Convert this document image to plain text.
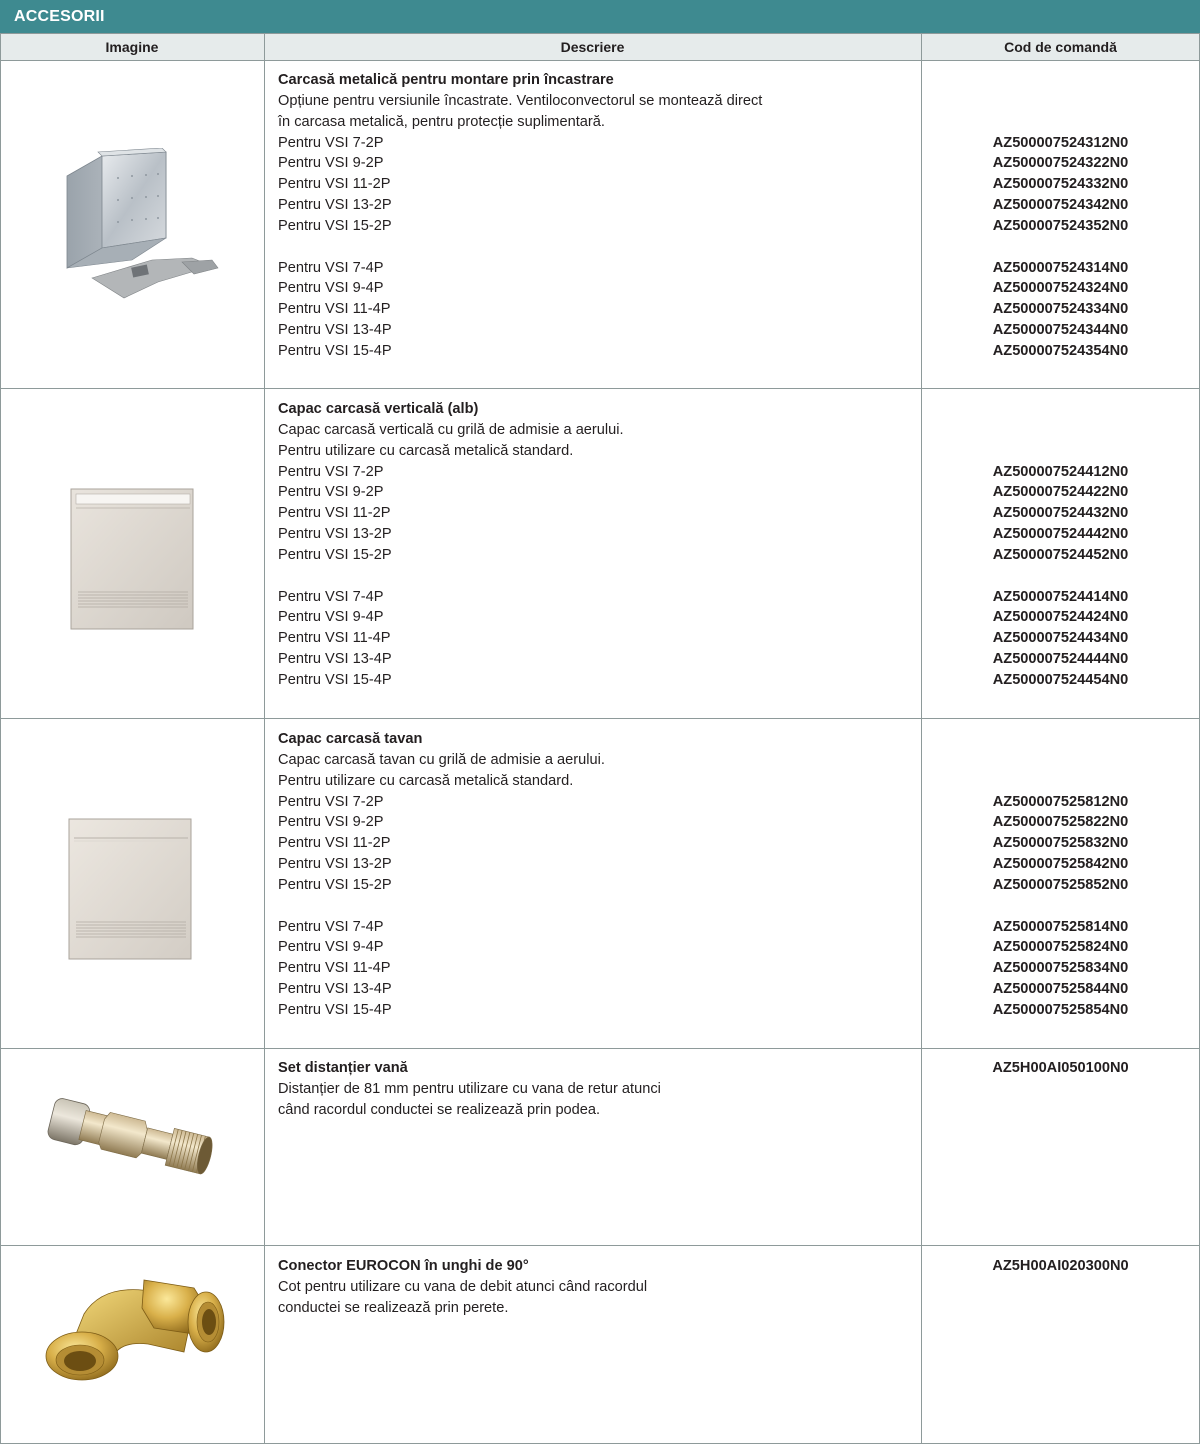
ACCESORII
Imagine	Descriere	Cod de comandă
Carcasă metalică pentru montare prin încastrare
Opțiune pentru versiunile încastrate. Ventiloconvectorul se montează direct
în carcasa metalică, pentru protecție suplimentară.
Pentru VSI 7-2P
Pentru VSI 9-2P
Pentru VSI 11-2P
Pentru VSI 13-2P
Pentru VSI 15-2P
Pentru VSI 7-4P
Pentru VSI 9-4P
Pentru VSI 11-4P
Pentru VSI 13-4P
Pentru VSI 15-4P
AZ500007524312N0
AZ500007524322N0
AZ500007524332N0
AZ500007524342N0
AZ500007524352N0
AZ500007524314N0
AZ500007524324N0
AZ500007524334N0
AZ500007524344N0
AZ500007524354N0
Capac carcasă verticală (alb)
Capac carcasă verticală cu grilă de admisie a aerului.
Pentru utilizare cu carcasă metalică standard.
Pentru VSI 7-2P
Pentru VSI 9-2P
Pentru VSI 11-2P
Pentru VSI 13-2P
Pentru VSI 15-2P
Pentru VSI 7-4P
Pentru VSI 9-4P
Pentru VSI 11-4P
Pentru VSI 13-4P
Pentru VSI 15-4P
AZ500007524412N0
AZ500007524422N0
AZ500007524432N0
AZ500007524442N0
AZ500007524452N0
AZ500007524414N0
AZ500007524424N0
AZ500007524434N0
AZ500007524444N0
AZ500007524454N0
Capac carcasă tavan
Capac carcasă tavan cu grilă de admisie a aerului.
Pentru utilizare cu carcasă metalică standard.
Pentru VSI 7-2P
Pentru VSI 9-2P
Pentru VSI 11-2P
Pentru VSI 13-2P
Pentru VSI 15-2P
Pentru VSI 7-4P
Pentru VSI 9-4P
Pentru VSI 11-4P
Pentru VSI 13-4P
Pentru VSI 15-4P
AZ500007525812N0
AZ500007525822N0
AZ500007525832N0
AZ500007525842N0
AZ500007525852N0
AZ500007525814N0
AZ500007525824N0
AZ500007525834N0
AZ500007525844N0
AZ500007525854N0
Set distanțier vană
Distanțier de 81 mm pentru utilizare cu vana de retur atunci
când racordul conductei se realizează prin podea.
AZ5H00AI050100N0
Conector EUROCON în unghi de 90°
Cot pentru utilizare cu vana de debit atunci când racordul
conductei se realizează prin perete.
AZ5H00AI020300N0
